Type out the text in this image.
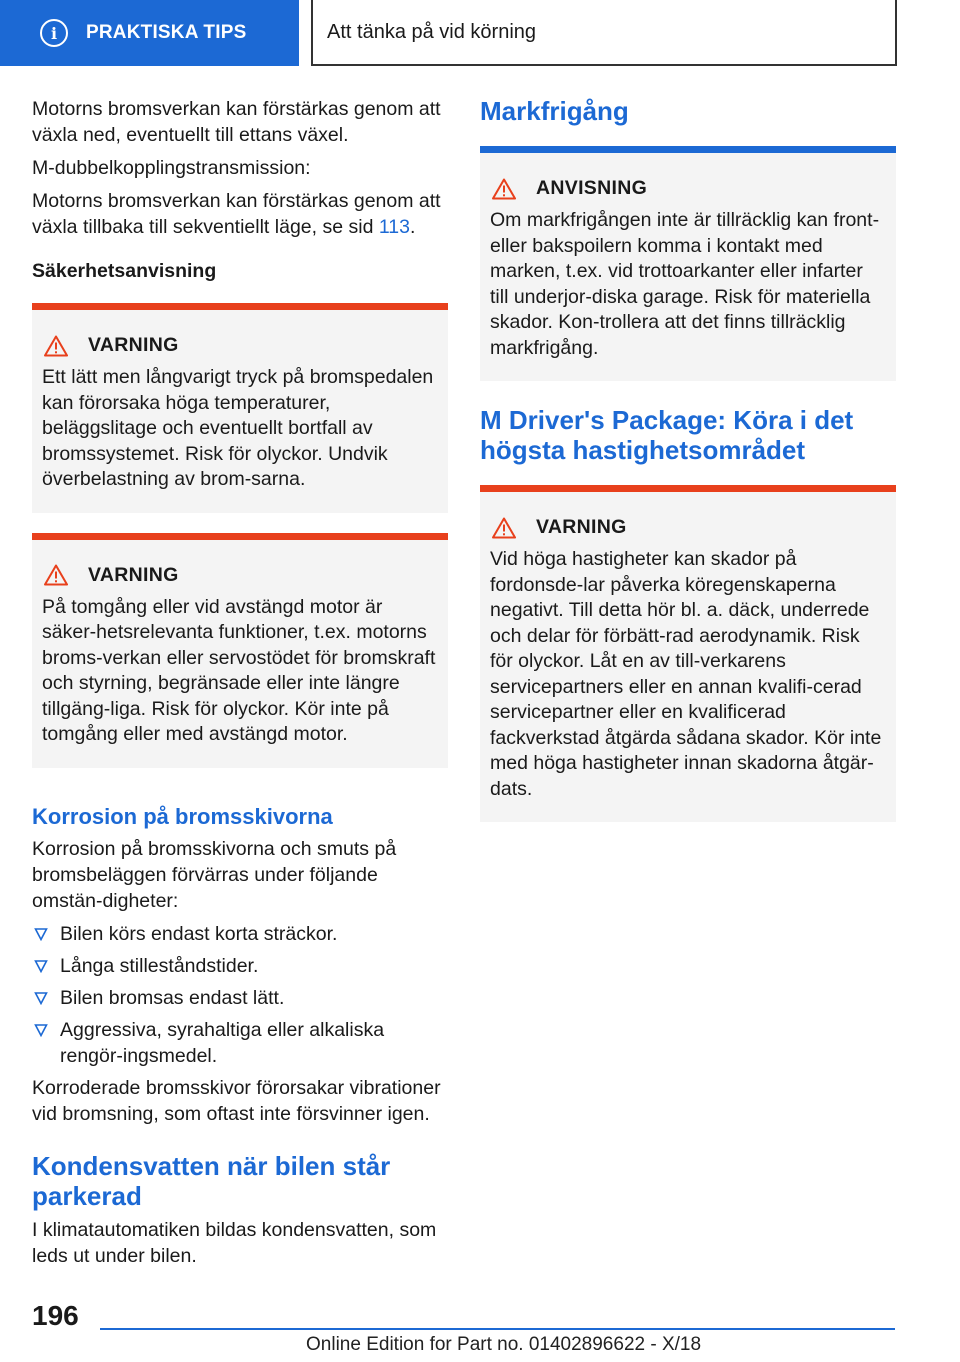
i	PRAKTISKA TIPS	Att tänka på vid körning

Motorns bromsverkan kan förstärkas genom att växla ned, eventuellt till ettans växel.

M-dubbelkopplingstransmission:

Motorns bromsverkan kan förstärkas genom att växla tillbaka till sekventiellt läge, se sid 113.

Säkerhetsanvisning
VARNING

Ett lätt men långvarigt tryck på bromspedalen kan förorsaka höga temperaturer, beläggslitage och eventuellt bortfall av bromssystemet. Risk för olyckor. Undvik överbelastning av brom-sarna.

VARNING

På tomgång eller vid avstängd motor är säker-hetsrelevanta funktioner, t.ex. motorns broms-verkan eller servostödet för bromskraft och styrning, begränsade eller inte längre tillgäng-liga. Risk för olyckor. Kör inte på tomgång eller med avstängd motor.

Korrosion på bromsskivorna

Korrosion på bromsskivorna och smuts på bromsbeläggen förvärras under följande omstän-digheter:

Bilen körs endast korta sträckor.
Långa stilleståndstider.
Bilen bromsas endast lätt.
Aggressiva, syrahaltiga eller alkaliska rengör-ingsmedel.

Korroderade bromsskivor förorsakar vibrationer vid bromsning, som oftast inte försvinner igen.

Kondensvatten när bilen står parkerad

I klimatautomatiken bildas kondensvatten, som leds ut under bilen.

Markfrigång
ANVISNING

Om markfrigången inte är tillräcklig kan front- eller bakspoilern komma i kontakt med marken, t.ex. vid trottoarkanter eller infarter till underjor-diska garage. Risk för materiella skador. Kon-trollera att det finns tillräcklig markfrigång.

M Driver's Package: Köra i det högsta hastighetsområdet
VARNING

Vid höga hastigheter kan skador på fordonsde-lar påverka köregenskaperna negativt. Till detta hör bl. a. däck, underrede och delar för förbätt-rad aerodynamik. Risk för olyckor. Låt en av till-verkarens servicepartners eller en annan kvalifi-cerad servicepartner eller en kvalificerad fackverkstad åtgärda sådana skador. Kör inte med höga hastigheter innan skadorna åtgär-dats.

196
Online Edition for Part no. 01402896622 - X/18
